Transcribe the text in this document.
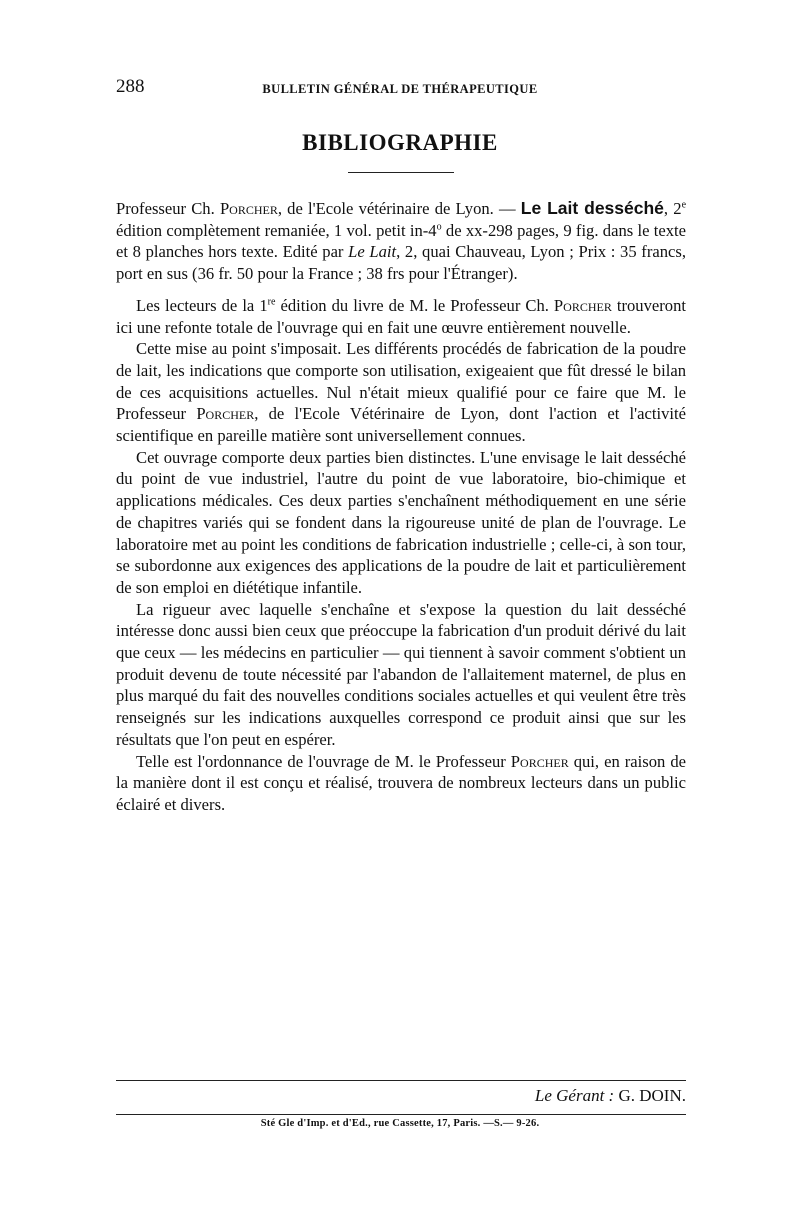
288	BULLETIN GÉNÉRAL DE THÉRAPEUTIQUE
BIBLIOGRAPHIE

Professeur Ch. Porcher, de l'Ecole vétérinaire de Lyon. — Le Lait desséché, 2e édition complètement remaniée, 1 vol. petit in-4$^o$ de xx-298 pages, 9 fig. dans le texte et 8 planches hors texte. Edité par Le Lait, 2, quai Chauveau, Lyon ; Prix : 35 francs, port en sus (36 fr. 50 pour la France ; 38 frs pour l'Étranger).

Les lecteurs de la 1re édition du livre de M. le Professeur Ch. Porcher trouveront ici une refonte totale de l'ouvrage qui en fait une œuvre entièrement nouvelle.

Cette mise au point s'imposait. Les différents procédés de fabrication de la poudre de lait, les indications que comporte son utilisation, exigeaient que fût dressé le bilan de ces acquisitions actuelles. Nul n'était mieux qualifié pour ce faire que M. le Professeur Porcher, de l'Ecole Vétérinaire de Lyon, dont l'action et l'activité scientifique en pareille matière sont universellement connues.

Cet ouvrage comporte deux parties bien distinctes. L'une envisage le lait desséché du point de vue industriel, l'autre du point de vue laboratoire, bio-chimique et applications médicales. Ces deux parties s'enchaînent méthodiquement en une série de chapitres variés qui se fondent dans la rigoureuse unité de plan de l'ouvrage. Le laboratoire met au point les conditions de fabrication industrielle ; celle-ci, à son tour, se subordonne aux exigences des applications de la poudre de lait et particulièrement de son emploi en diététique infantile.

La rigueur avec laquelle s'enchaîne et s'expose la question du lait desséché intéresse donc aussi bien ceux que préoccupe la fabrication d'un produit dérivé du lait que ceux — les médecins en particulier — qui tiennent à savoir comment s'obtient un produit devenu de toute nécessité par l'abandon de l'allaitement maternel, de plus en plus marqué du fait des nouvelles conditions sociales actuelles et qui veulent être très renseignés sur les indications auxquelles correspond ce produit ainsi que sur les résultats que l'on peut en espérer.

Telle est l'ordonnance de l'ouvrage de M. le Professeur Porcher qui, en raison de la manière dont il est conçu et réalisé, trouvera de nombreux lecteurs dans un public éclairé et divers.

Le Gérant : G. DOIN.
Sté Gle d'Imp. et d'Ed., rue Cassette, 17, Paris. —S.— 9-26.
